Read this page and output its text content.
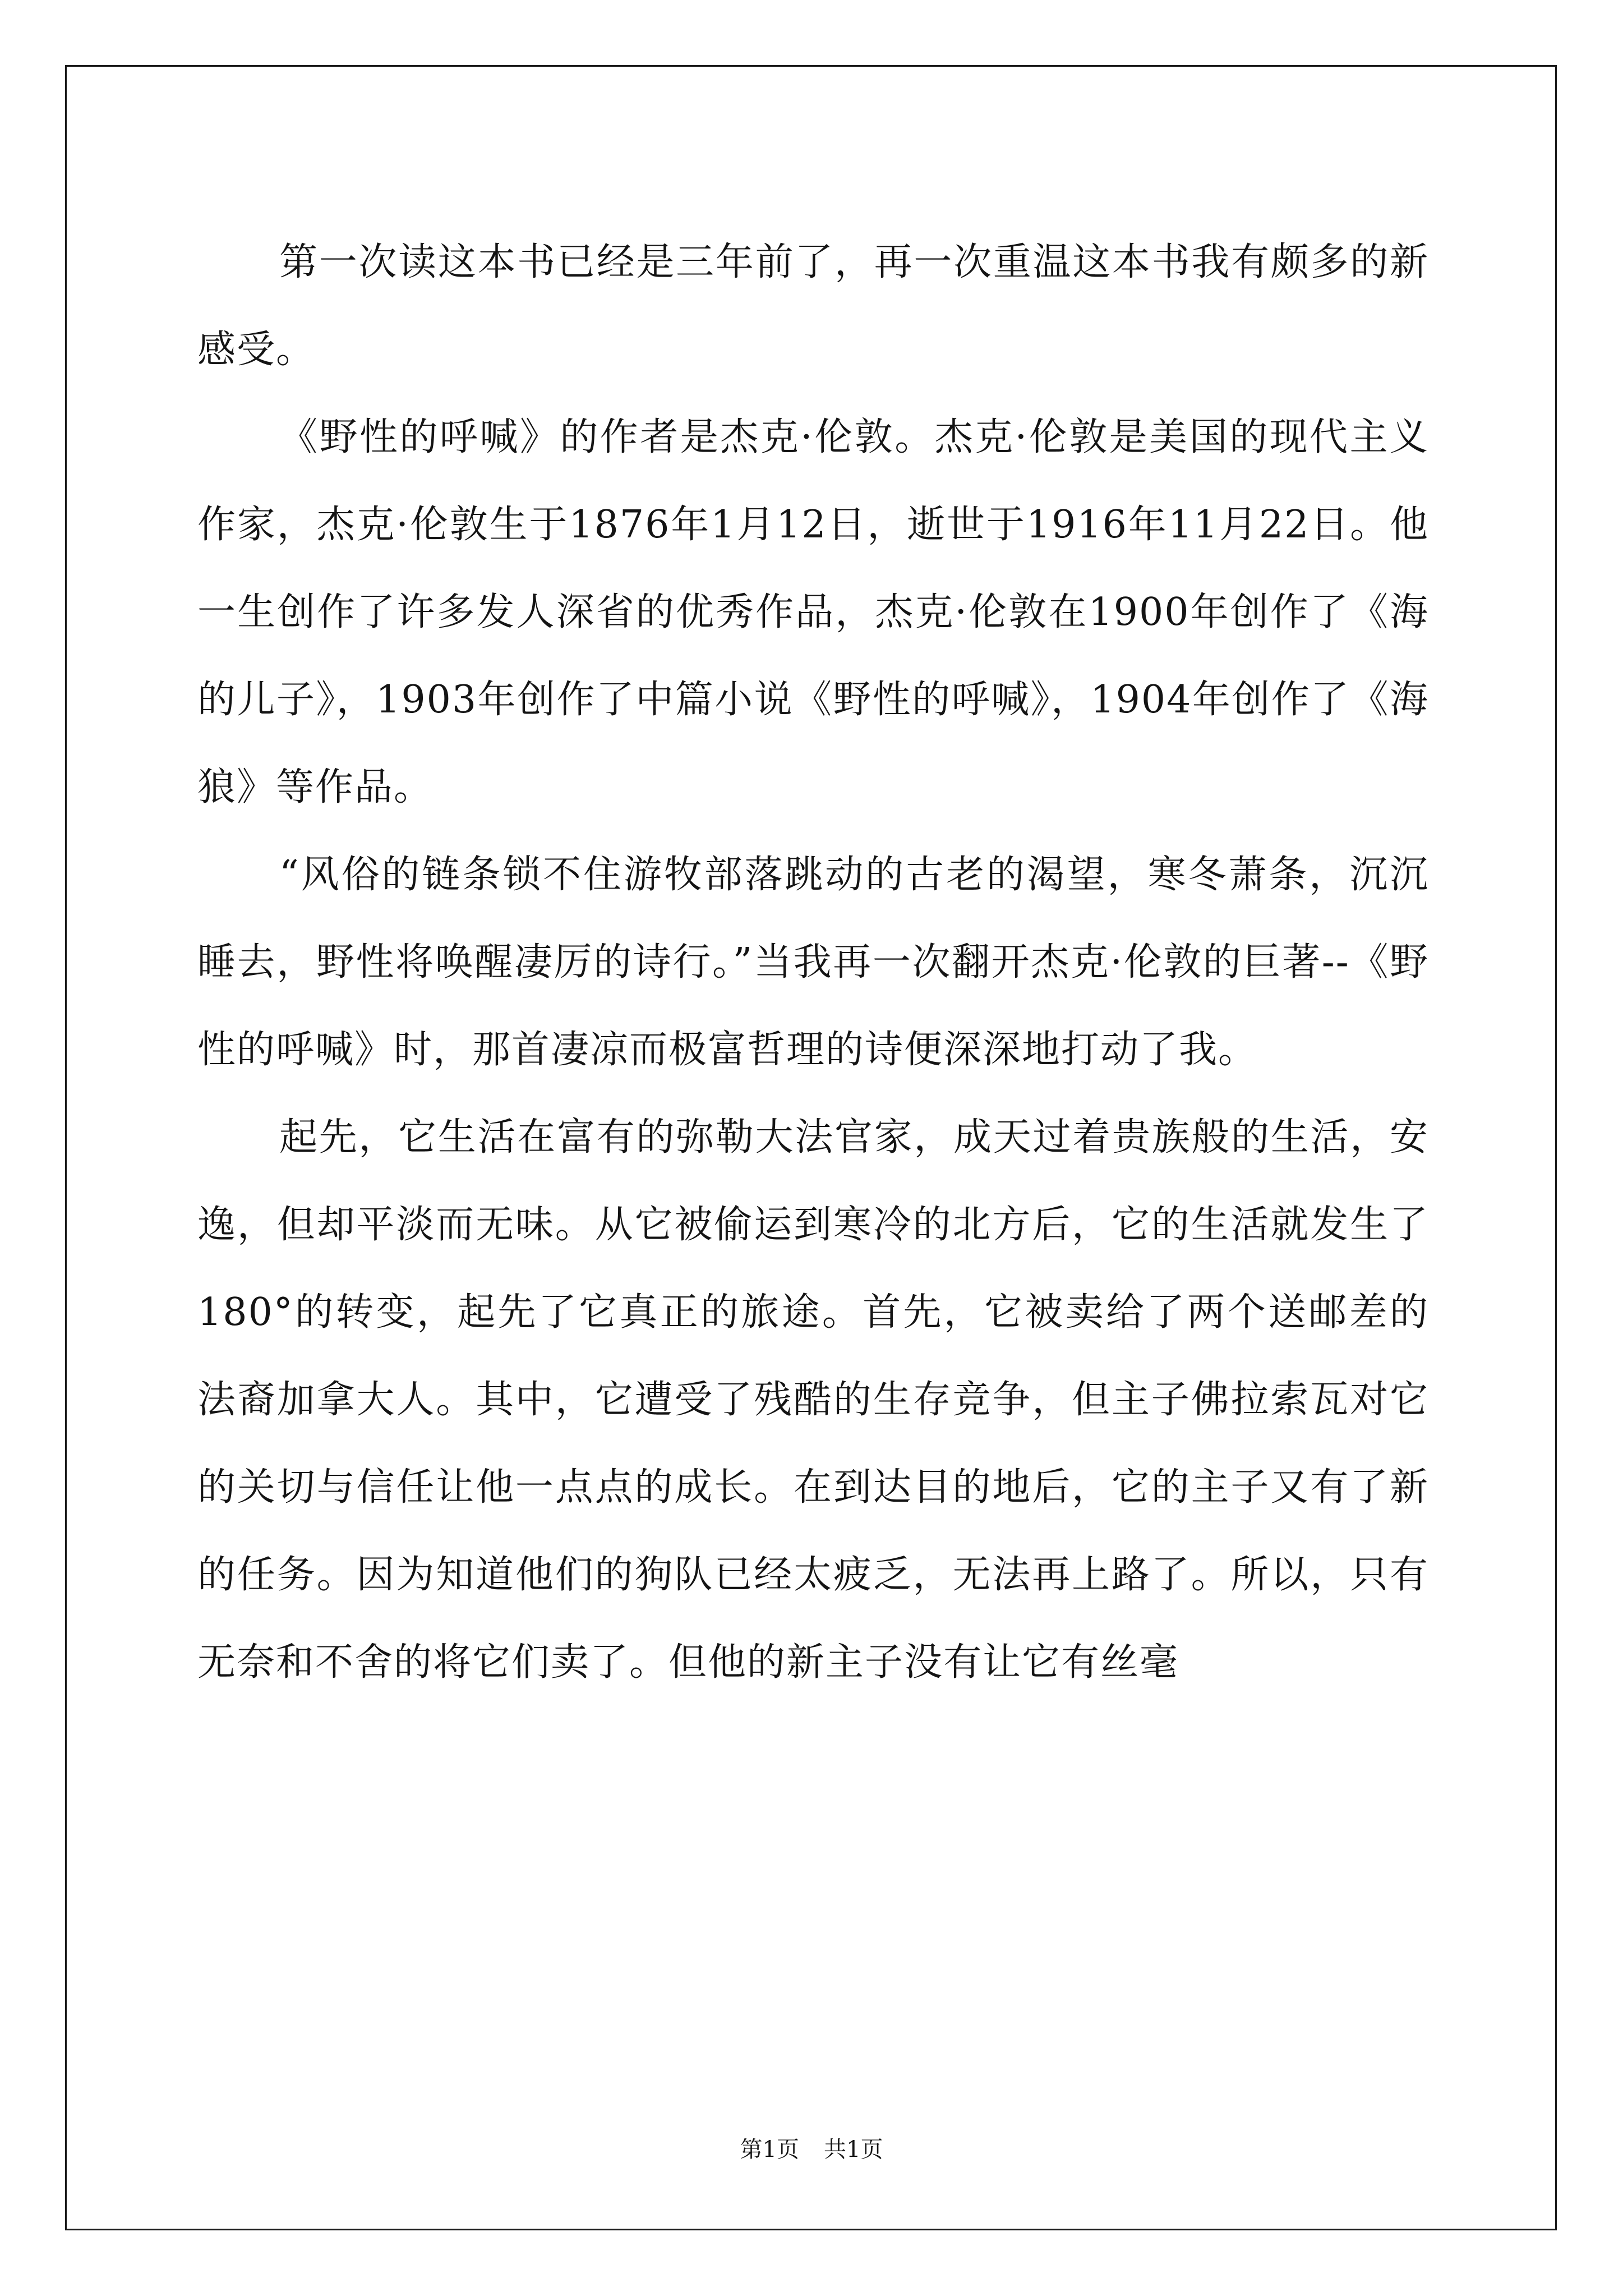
第一次读这本书已经是三年前了，再一次重温这本书我有颇多的新感受。

《野性的呼喊》的作者是杰克·伦敦。杰克·伦敦是美国的现代主义作家，杰克·伦敦生于1876年1月12日，逝世于1916年11月22日。他一生创作了许多发人深省的优秀作品，杰克·伦敦在1900年创作了《海的儿子》，1903年创作了中篇小说《野性的呼喊》，1904年创作了《海狼》等作品。

“风俗的链条锁不住游牧部落跳动的古老的渴望，寒冬萧条，沉沉睡去，野性将唤醒凄厉的诗行。”当我再一次翻开杰克·伦敦的巨著--《野性的呼喊》时，那首凄凉而极富哲理的诗便深深地打动了我。

起先，它生活在富有的弥勒大法官家，成天过着贵族般的生活，安逸，但却平淡而无味。从它被偷运到寒冷的北方后，它的生活就发生了180°的转变，起先了它真正的旅途。首先，它被卖给了两个送邮差的法裔加拿大人。其中，它遭受了残酷的生存竞争，但主子佛拉索瓦对它的关切与信任让他一点点的成长。在到达目的地后，它的主子又有了新的任务。因为知道他们的狗队已经太疲乏，无法再上路了。所以，只有无奈和不舍的将它们卖了。但他的新主子没有让它有丝毫

第1页 共1页
